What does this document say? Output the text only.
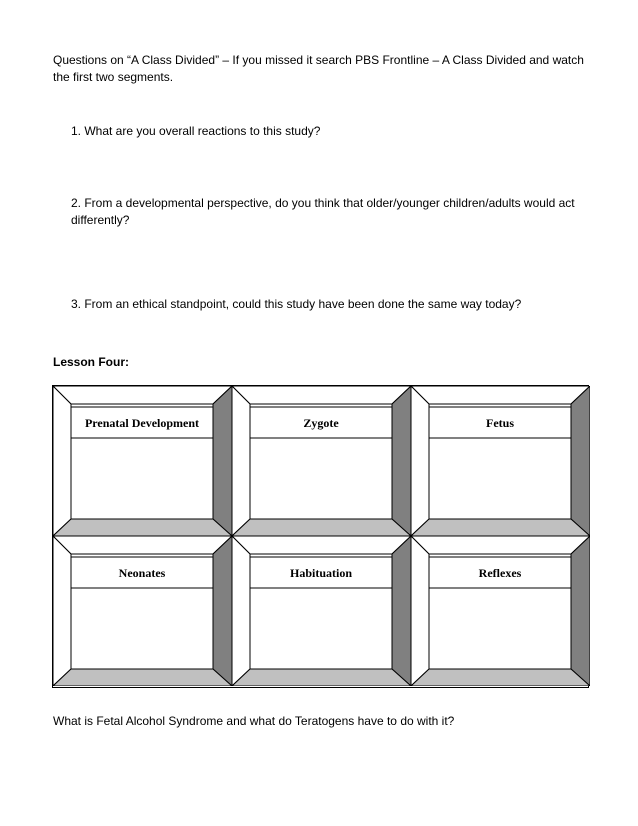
Questions on “A Class Divided” – If you missed it search PBS Frontline – A Class Divided and watch the first two segments.

1. What are you overall reactions to this study?

2. From a developmental perspective, do you think that older/younger children/adults would act differently?

3. From an ethical standpoint, could this study have been done the same way today?

Lesson Four:

Prenatal Development	Zygote	Fetus
Neonates	Habituation	Reflexes

What is Fetal Alcohol Syndrome and what do Teratogens have to do with it?
